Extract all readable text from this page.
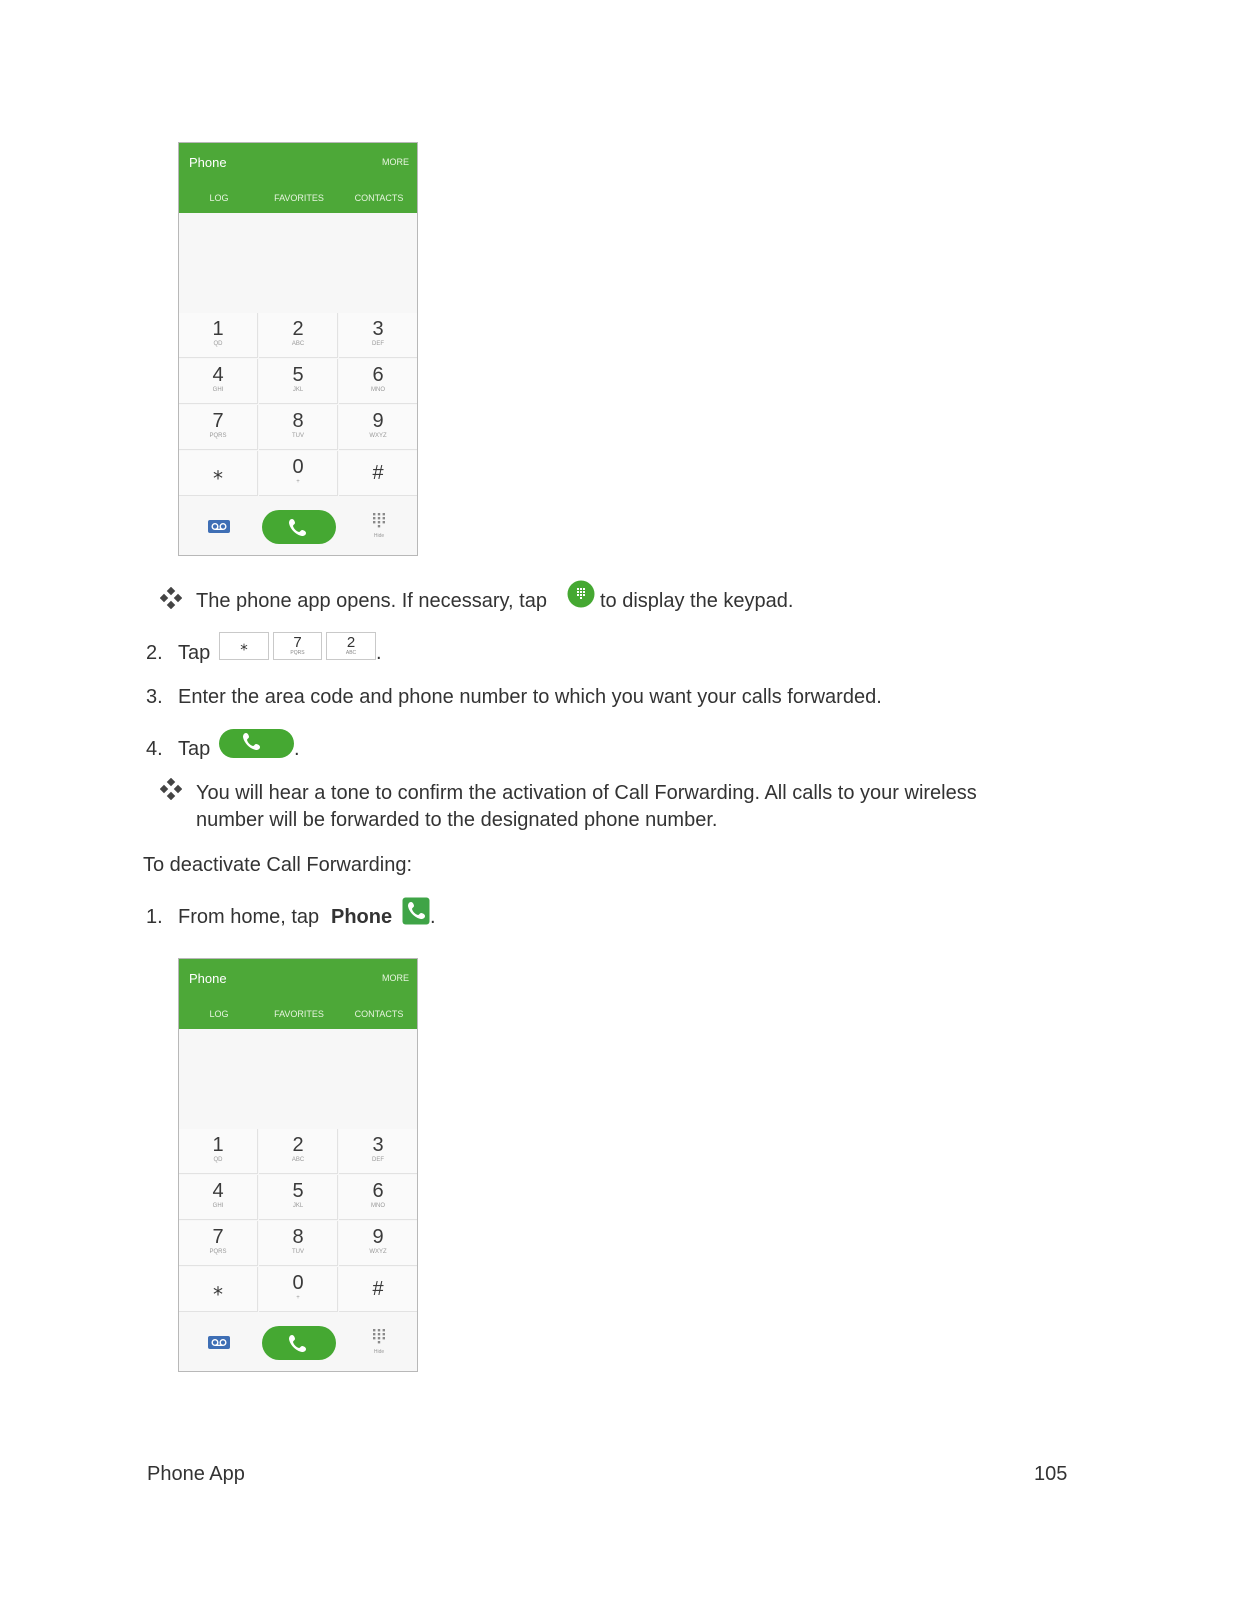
Phone	MORE
LOG	FAVORITES	CONTACTS
1
QD
2
ABC
3
DEF
4
GHI
5
JKL
6
MNO
7
PQRS
8
TUV
9
WXYZ
⁎	0
+	#
Hide
The phone app opens. If necessary, tap	to display the keypad.
2. Tap	⁎	7
PQRS
2
ABC .
3. Enter the area code and phone number to which you want your calls forwarded.
4. Tap	.
You will hear a tone to confirm the activation of Call Forwarding. All calls to your wireless
number will be forwarded to the designated phone number.
To deactivate Call Forwarding:
1. From home, tap Phone .
Phone	MORE
LOG	FAVORITES	CONTACTS
1
QD
2
ABC
3
DEF
4
GHI
5
JKL
6
MNO
7
PQRS
8
TUV
9
WXYZ
⁎	0
+	#
Hide
Phone App	105
